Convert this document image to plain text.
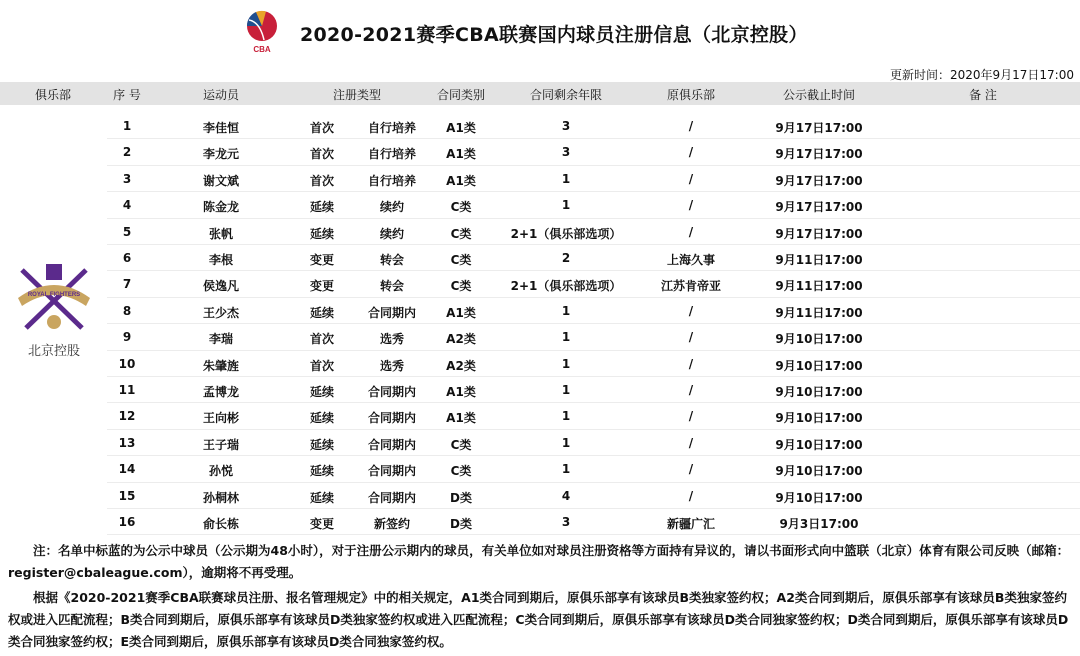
CBA
2020-2021赛季CBA联赛国内球员注册信息（北京控股）
更新时间：2020年9月17日17:00
俱乐部	序 号	运动员	注册类型	合同类别	合同剩余年限	原俱乐部	公示截止时间	备 注
ROYAL FIGHTERS
北京控股
1	李佳恒	首次	自行培养	A1类	3	/	9月17日17:00
2	李龙元	首次	自行培养	A1类	3	/	9月17日17:00
3	谢文斌	首次	自行培养	A1类	1	/	9月17日17:00
4	陈金龙	延续	续约	C类	1	/	9月17日17:00
5	张帆	延续	续约	C类	2+1（俱乐部选项）	/	9月17日17:00
6	李根	变更	转会	C类	2	上海久事	9月11日17:00
7	侯逸凡	变更	转会	C类	2+1（俱乐部选项）	江苏肯帝亚	9月11日17:00
8	王少杰	延续	合同期内	A1类	1	/	9月11日17:00
9	李瑞	首次	选秀	A2类	1	/	9月10日17:00
10	朱肇旌	首次	选秀	A2类	1	/	9月10日17:00
11	孟博龙	延续	合同期内	A1类	1	/	9月10日17:00
12	王向彬	延续	合同期内	A1类	1	/	9月10日17:00
13	王子瑞	延续	合同期内	C类	1	/	9月10日17:00
14	孙悦	延续	合同期内	C类	1	/	9月10日17:00
15	孙桐林	延续	合同期内	D类	4	/	9月10日17:00
16	俞长栋	变更	新签约	D类	3	新疆广汇	9月3日17:00

注：名单中标蓝的为公示中球员（公示期为48小时），对于注册公示期内的球员，有关单位如对球员注册资格等方面持有异议的，请以书面形式向中篮联（北京）体育有限公司反映（邮箱：register@cbaleague.com），逾期将不再受理。

根据《2020-2021赛季CBA联赛球员注册、报名管理规定》中的相关规定，A1类合同到期后，原俱乐部享有该球员B类独家签约权；A2类合同到期后，原俱乐部享有该球员B类独家签约权或进入匹配流程；B类合同到期后，原俱乐部享有该球员D类独家签约权或进入匹配流程；C类合同到期后，原俱乐部享有该球员D类合同独家签约权；D类合同到期后，原俱乐部享有该球员D类合同独家签约权；E类合同到期后，原俱乐部享有该球员D类合同独家签约权。
